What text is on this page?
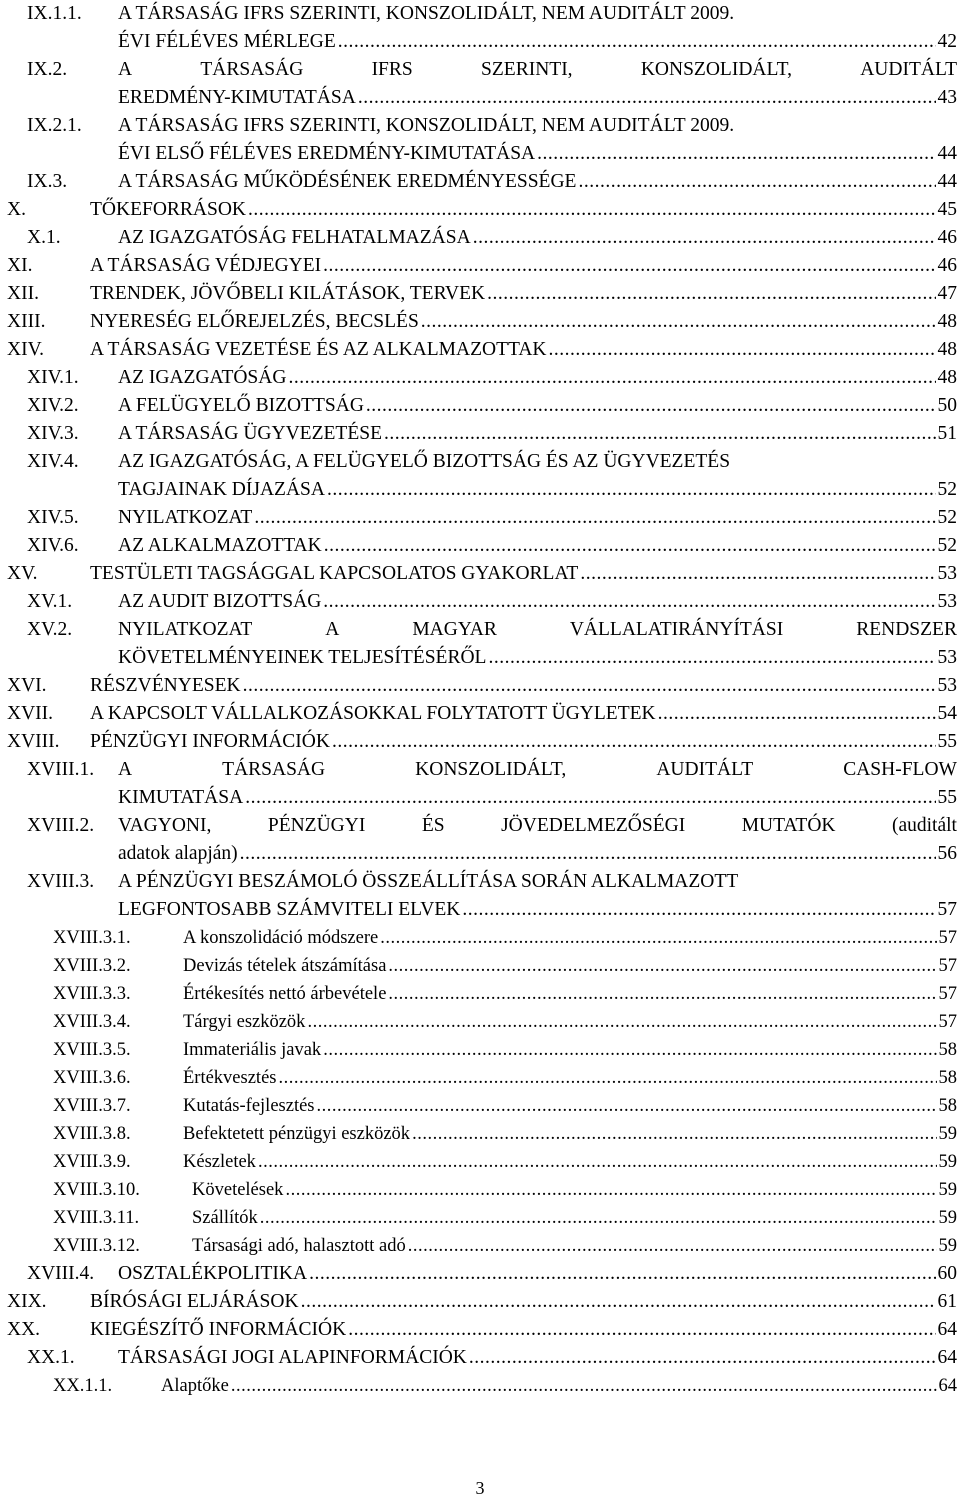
IX.1.1. A TÁRSASÁG IFRS SZERINTI, KONSZOLIDÁLT, NEM AUDITÁLT 2009.
ÉVI FÉLÉVES MÉRLEGE .....	42
IX.2.	A	TÁRSASÁG	IFRS	SZERINTI,	KONSZOLIDÁLT,	AUDITÁLT
EREDMÉNY-KIMUTATÁSA .....	43
IX.2.1. A TÁRSASÁG IFRS SZERINTI, KONSZOLIDÁLT, NEM AUDITÁLT 2009.
ÉVI ELSŐ FÉLÉVES EREDMÉNY-KIMUTATÁSA .....	44
IX.3.	A TÁRSASÁG MŰKÖDÉSÉNEK EREDMÉNYESSÉGE .....	44
X.	TŐKEFORRÁSOK .....	45
X.1.	AZ IGAZGATÓSÁG FELHATALMAZÁSA .....	46
XI.	A TÁRSASÁG VÉDJEGYEI .....	46
XII.	TRENDEK, JÖVŐBELI KILÁTÁSOK, TERVEK .....	47
XIII. NYERESÉG ELŐREJELZÉS, BECSLÉS .....	48
XIV. A TÁRSASÁG VEZETÉSE ÉS AZ ALKALMAZOTTAK .....	48
XIV.1. AZ IGAZGATÓSÁG .....	48
XIV.2. A FELÜGYELŐ BIZOTTSÁG .....	50
XIV.3. A TÁRSASÁG ÜGYVEZETÉSE .....	51
XIV.4. AZ IGAZGATÓSÁG, A FELÜGYELŐ BIZOTTSÁG ÉS AZ ÜGYVEZETÉS
TAGJAINAK DÍJAZÁSA .....	52
XIV.5. NYILATKOZAT .....	52
XIV.6. AZ ALKALMAZOTTAK .....	52
XV.	TESTÜLETI TAGSÁGGAL KAPCSOLATOS GYAKORLAT .....	53
XV.1. AZ AUDIT BIZOTTSÁG .....	53
XV.2. NYILATKOZAT	A	MAGYAR	VÁLLALATIRÁNYÍTÁSI	RENDSZER
KÖVETELMÉNYEINEK TELJESÍTÉSÉRŐL .....	53
XVI. RÉSZVÉNYESEK .....	53
XVII. A KAPCSOLT VÁLLALKOZÁSOKKAL FOLYTATOTT ÜGYLETEK .....	54
XVIII. PÉNZÜGYI INFORMÁCIÓK .....	55
XVIII.1. A	TÁRSASÁG	KONSZOLIDÁLT,	AUDITÁLT	CASH-FLOW
KIMUTATÁSA .....	55
XVIII.2. VAGYONI,	PÉNZÜGYI	ÉS	JÖVEDELMEZŐSÉGI	MUTATÓK	(auditált
adatok alapján) .....	56
XVIII.3. A PÉNZÜGYI BESZÁMOLÓ ÖSSZEÁLLÍTÁSA SORÁN ALKALMAZOTT
LEGFONTOSABB SZÁMVITELI ELVEK .....	57
XVIII.3.1.	A konszolidáció módszere .....	57
XVIII.3.2.	Devizás tételek átszámítása .....	57
XVIII.3.3.	Értékesítés nettó árbevétele .....	57
XVIII.3.4.	Tárgyi eszközök .....	57
XVIII.3.5.	Immateriális javak .....	58
XVIII.3.6.	Értékvesztés .....	58
XVIII.3.7.	Kutatás-fejlesztés .....	58
XVIII.3.8.	Befektetett pénzügyi eszközök .....	59
XVIII.3.9.	Készletek .....	59
XVIII.3.10.	Követelések .....	59
XVIII.3.11.	Szállítók .....	59
XVIII.3.12.	Társasági adó, halasztott adó .....	59
XVIII.4. OSZTALÉKPOLITIKA .....	60
XIX. BÍRÓSÁGI ELJÁRÁSOK .....	61
XX.	KIEGÉSZÍTŐ INFORMÁCIÓK .....	64
XX.1. TÁRSASÁGI JOGI ALAPINFORMÁCIÓK .....	64
XX.1.1.	Alaptőke .....	64
3
